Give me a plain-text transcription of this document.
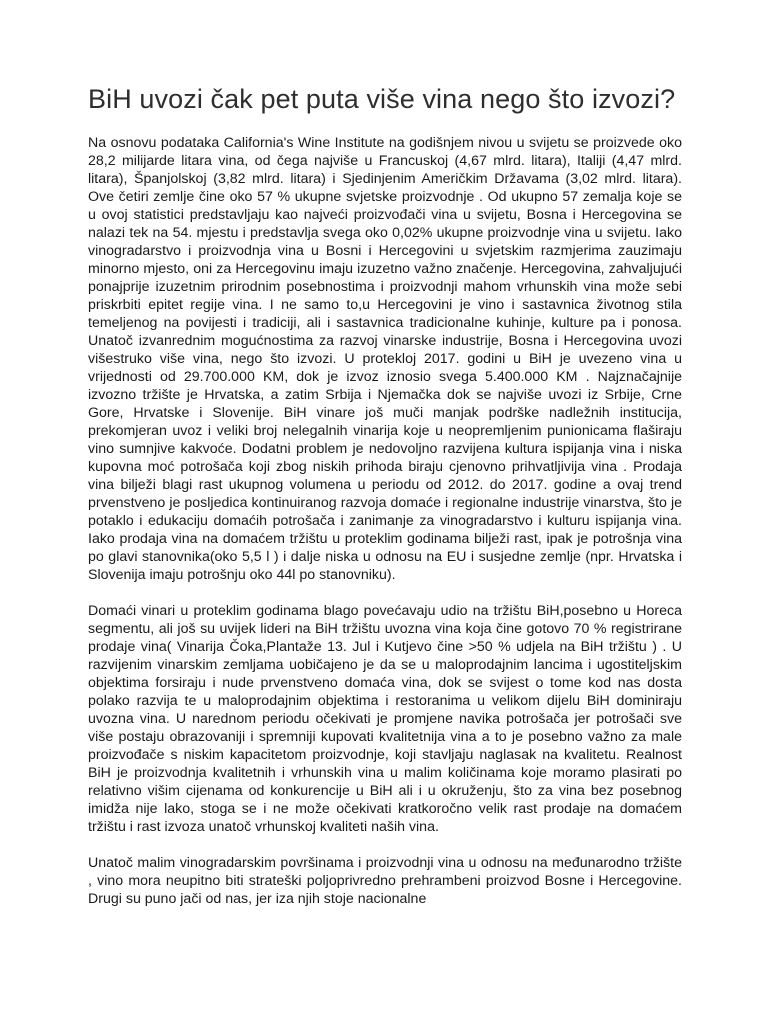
BiH uvozi čak pet puta više vina nego što izvozi?

Na osnovu podataka California's Wine Institute na godišnjem nivou u svijetu se proizvede oko 28,2 milijarde litara vina, od čega najviše u Francuskoj (4,67 mlrd. litara), Italiji (4,47 mlrd. litara), Španjolskoj (3,82 mlrd. litara) i Sjedinjenim Američkim Državama (3,02 mlrd. litara). Ove četiri zemlje čine oko 57 % ukupne svjetske proizvodnje . Od ukupno 57 zemalja koje se u ovoj statistici predstavljaju kao najveći proizvođači vina u svijetu, Bosna i Hercegovina se nalazi tek na 54. mjestu i predstavlja svega oko 0,02% ukupne proizvodnje vina u svijetu. Iako vinogradarstvo i proizvodnja vina u Bosni i Hercegovini u svjetskim razmjerima zauzimaju minorno mjesto, oni za Hercegovinu imaju izuzetno važno značenje. Hercegovina, zahvaljujući ponajprije izuzetnim prirodnim posebnostima i proizvodnji mahom vrhunskih vina može sebi priskrbiti epitet regije vina. I ne samo to,u Hercegovini je vino i sastavnica životnog stila temeljenog na povijesti i tradiciji, ali i sastavnica tradicionalne kuhinje, kulture pa i ponosa. Unatoč izvanrednim mogućnostima za razvoj vinarske industrije, Bosna i Hercegovina uvozi višestruko više vina, nego što izvozi. U protekloj 2017. godini u BiH je uvezeno vina u vrijednosti od 29.700.000 KM, dok je izvoz iznosio svega 5.400.000 KM . Najznačajnije izvozno tržište je Hrvatska, a zatim Srbija i Njemačka dok se najviše uvozi iz Srbije, Crne Gore, Hrvatske i Slovenije. BiH vinare još muči manjak podrške nadležnih institucija, prekomjeran uvoz i veliki broj nelegalnih vinarija koje u neopremljenim punionicama flaširaju vino sumnjive kakvoće. Dodatni problem je nedovoljno razvijena kultura ispijanja vina i niska kupovna moć potrošača koji zbog niskih prihoda biraju cjenovno prihvatljivija vina . Prodaja vina bilježi blagi rast ukupnog volumena u periodu od 2012. do 2017. godine a ovaj trend prvenstveno je posljedica kontinuiranog razvoja domaće i regionalne industrije vinarstva, što je potaklo i edukaciju domaćih potrošača i zanimanje za vinogradarstvo i kulturu ispijanja vina. Iako prodaja vina na domaćem tržištu u proteklim godinama bilježi rast, ipak je potrošnja vina po glavi stanovnika(oko 5,5 l ) i dalje niska u odnosu na EU i susjedne zemlje (npr. Hrvatska i Slovenija imaju potrošnju oko 44l po stanovniku).

Domaći vinari u proteklim godinama blago povećavaju udio na tržištu BiH,posebno u Horeca segmentu, ali još su uvijek lideri na BiH tržištu uvozna vina koja čine gotovo 70 % registrirane prodaje vina( Vinarija Čoka,Plantaže 13. Jul i Kutjevo čine >50 % udjela na BiH tržištu ) . U razvijenim vinarskim zemljama uobičajeno je da se u maloprodajnim lancima i ugostiteljskim objektima forsiraju i nude prvenstveno domaća vina, dok se svijest o tome kod nas dosta polako razvija te u maloprodajnim objektima i restoranima u velikom dijelu BiH dominiraju uvozna vina. U narednom periodu očekivati je promjene navika potrošača jer potrošači sve više postaju obrazovaniji i spremniji kupovati kvalitetnija vina a to je posebno važno za male proizvođače s niskim kapacitetom proizvodnje, koji stavljaju naglasak na kvalitetu. Realnost BiH je proizvodnja kvalitetnih i vrhunskih vina u malim količinama koje moramo plasirati po relativno višim cijenama od konkurencije u BiH ali i u okruženju, što za vina bez posebnog imidža nije lako, stoga se i ne može očekivati kratkoročno velik rast prodaje na domaćem tržištu i rast izvoza unatoč vrhunskoj kvaliteti naših vina.

Unatoč malim vinogradarskim površinama i proizvodnji vina u odnosu na međunarodno tržište , vino mora neupitno biti strateški poljoprivredno prehrambeni proizvod Bosne i Hercegovine. Drugi su puno jači od nas, jer iza njih stoje nacionalne
